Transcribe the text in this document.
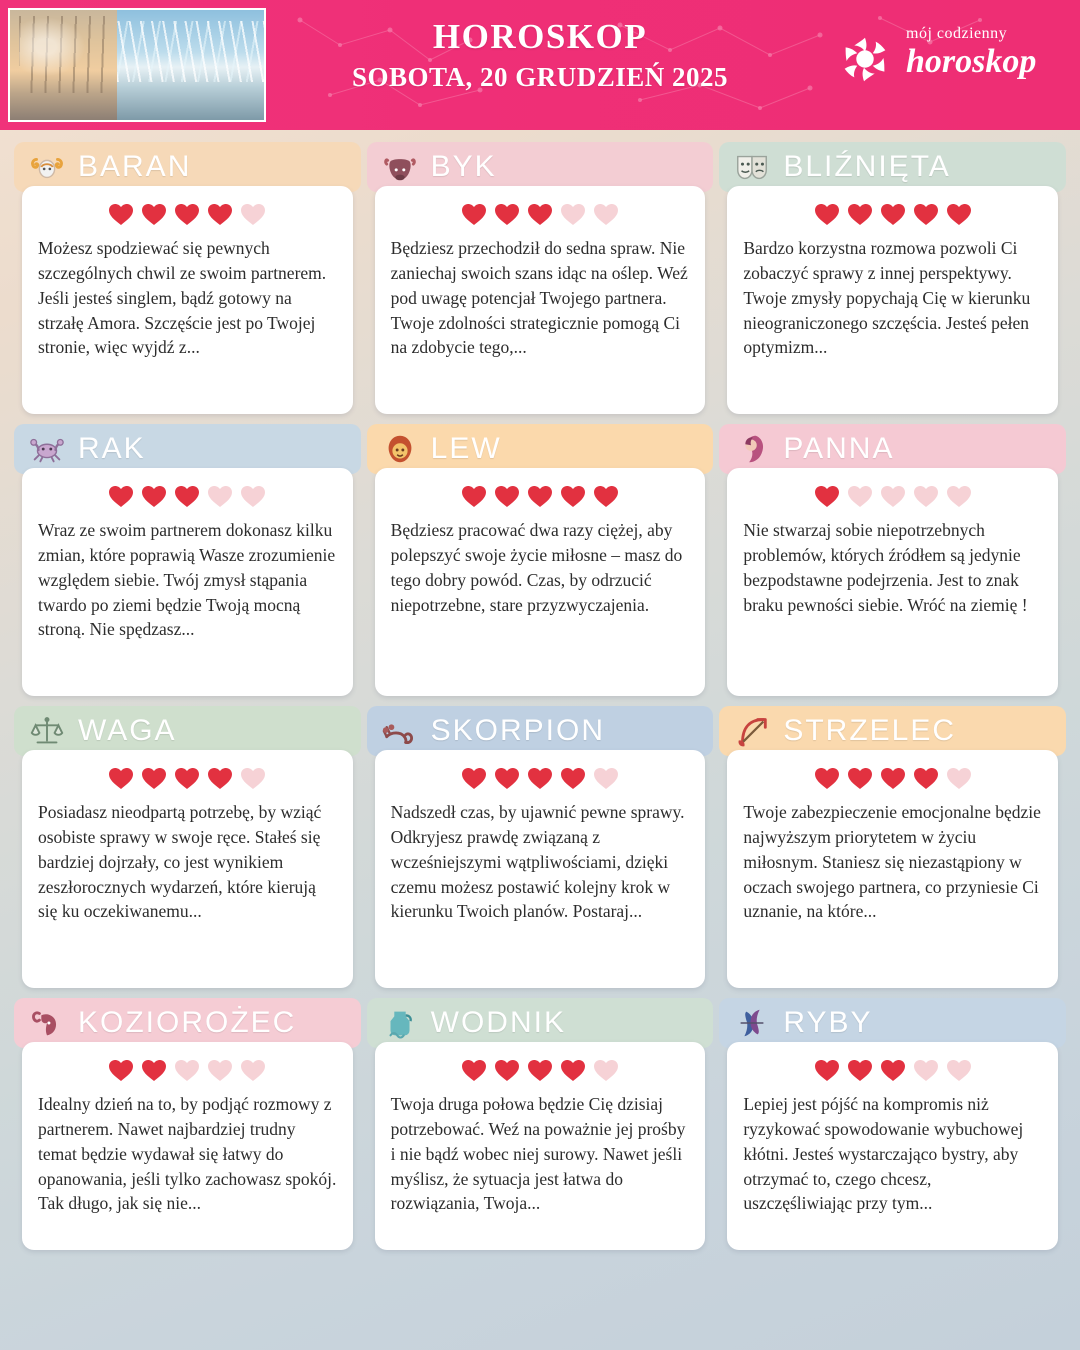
HOROSKOP
SOBOTA, 20 GRUDZIEŃ 2025
mój codzienny
horoskop
BARAN
Możesz spodziewać się pewnych szczególnych chwil ze swoim partnerem. Jeśli jesteś singlem, bądź gotowy na strzałę Amora. Szczęście jest po Twojej stronie, więc wyjdź z...
BYK
Będziesz przechodził do sedna spraw. Nie zaniechaj swoich szans idąc na oślep. Weź pod uwagę potencjał Twojego partnera. Twoje zdolności strategicznie pomogą Ci na zdobycie tego,...
BLIŹNIĘTA
Bardzo korzystna rozmowa pozwoli Ci zobaczyć sprawy z innej perspektywy. Twoje zmysły popychają Cię w kierunku nieograniczonego szczęścia. Jesteś pełen optymizm...
RAK
Wraz ze swoim partnerem dokonasz kilku zmian, które poprawią Wasze zrozumienie względem siebie. Twój zmysł stąpania twardo po ziemi będzie Twoją mocną stroną. Nie spędzasz...
LEW
Będziesz pracować dwa razy ciężej, aby polepszyć swoje życie miłosne – masz do tego dobry powód. Czas, by odrzucić niepotrzebne, stare przyzwyczajenia.
PANNA
Nie stwarzaj sobie niepotrzebnych problemów, których źródłem są jedynie bezpodstawne podejrzenia. Jest to znak braku pewności siebie. Wróć na ziemię !
WAGA
Posiadasz nieodpartą potrzebę, by wziąć osobiste sprawy w swoje ręce. Stałeś się bardziej dojrzały, co jest wynikiem zeszłorocznych wydarzeń, które kierują się ku oczekiwanemu...
SKORPION
Nadszedł czas, by ujawnić pewne sprawy. Odkryjesz prawdę związaną z wcześniejszymi wątpliwościami, dzięki czemu możesz postawić kolejny krok w kierunku Twoich planów. Postaraj...
STRZELEC
Twoje zabezpieczenie emocjonalne będzie najwyższym priorytetem w życiu miłosnym. Staniesz się niezastąpiony w oczach swojego partnera, co przyniesie Ci uznanie, na które...
KOZIOROŻEC
Idealny dzień na to, by podjąć rozmowy z partnerem. Nawet najbardziej trudny temat będzie wydawał się łatwy do opanowania, jeśli tylko zachowasz spokój. Tak długo, jak się nie...
WODNIK
Twoja druga połowa będzie Cię dzisiaj potrzebować. Weź na poważnie jej prośby i nie bądź wobec niej surowy. Nawet jeśli myślisz, że sytuacja jest łatwa do rozwiązania, Twoja...
RYBY
Lepiej jest pójść na kompromis niż ryzykować spowodowanie wybuchowej kłótni. Jesteś wystarczająco bystry, aby otrzymać to, czego chcesz, uszczęśliwiając przy tym...
